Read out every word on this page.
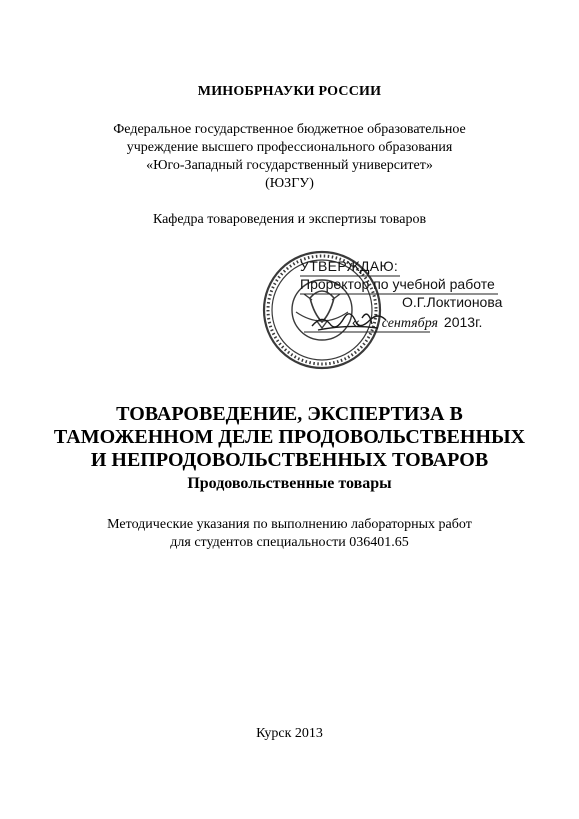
МИНОБРНАУКИ РОССИИ
Федеральное государственное бюджетное образовательное
учреждение высшего профессионального образования
«Юго-Западный государственный университет»
(ЮЗГУ)
Кафедра товароведения и экспертизы товаров
УТВЕРЖДАЮ:
Проректор по учебной работе
О.Г.Локтионова
« сентября 2013г.
ТОВАРОВЕДЕНИЕ, ЭКСПЕРТИЗА В
ТАМОЖЕННОМ ДЕЛЕ ПРОДОВОЛЬСТВЕННЫХ
И НЕПРОДОВОЛЬСТВЕННЫХ ТОВАРОВ
Продовольственные товары
Методические указания по выполнению лабораторных работ
для студентов специальности 036401.65
Курск 2013
